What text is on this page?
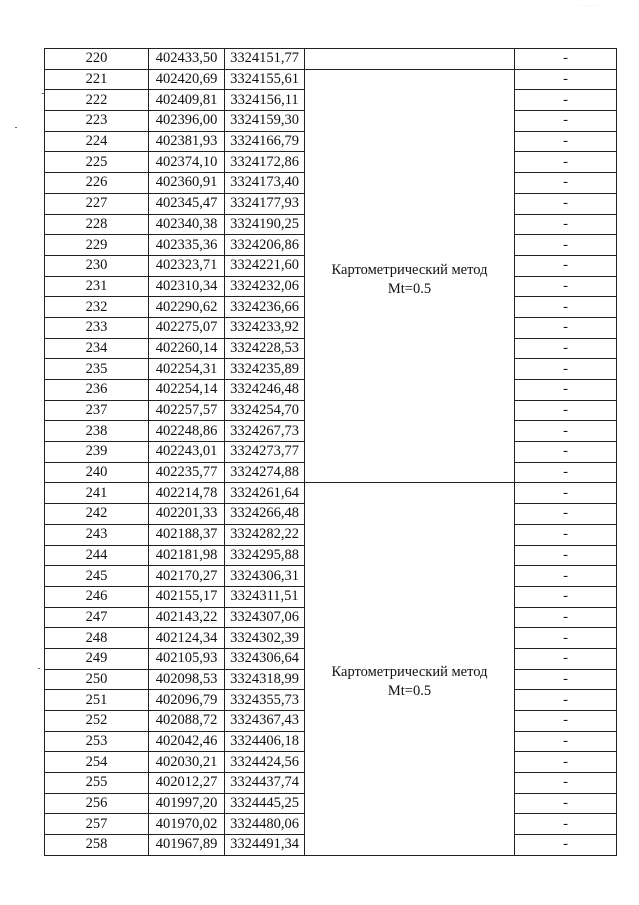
· ·········· · ·
220	402433,50	3324151,77		-
221	402420,69	3324155,61	Картометрический метод
Mt=0.5	-
222	402409,81	3324156,11		-
223	402396,00	3324159,30		-
224	402381,93	3324166,79		-
225	402374,10	3324172,86		-
226	402360,91	3324173,40		-
227	402345,47	3324177,93		-
228	402340,38	3324190,25		-
229	402335,36	3324206,86		-
230	402323,71	3324221,60		-
231	402310,34	3324232,06		-
232	402290,62	3324236,66		-
233	402275,07	3324233,92		-
234	402260,14	3324228,53		-
235	402254,31	3324235,89		-
236	402254,14	3324246,48		-
237	402257,57	3324254,70		-
238	402248,86	3324267,73		-
239	402243,01	3324273,77		-
240	402235,77	3324274,88		-
241	402214,78	3324261,64	Картометрический метод
Mt=0.5	-
242	402201,33	3324266,48		-
243	402188,37	3324282,22		-
244	402181,98	3324295,88		-
245	402170,27	3324306,31		-
246	402155,17	3324311,51		-
247	402143,22	3324307,06		-
248	402124,34	3324302,39		-
249	402105,93	3324306,64		-
250	402098,53	3324318,99		-
251	402096,79	3324355,73		-
252	402088,72	3324367,43		-
253	402042,46	3324406,18		-
254	402030,21	3324424,56		-
255	402012,27	3324437,74		-
256	401997,20	3324445,25		-
257	401970,02	3324480,06		-
258	401967,89	3324491,34		-
